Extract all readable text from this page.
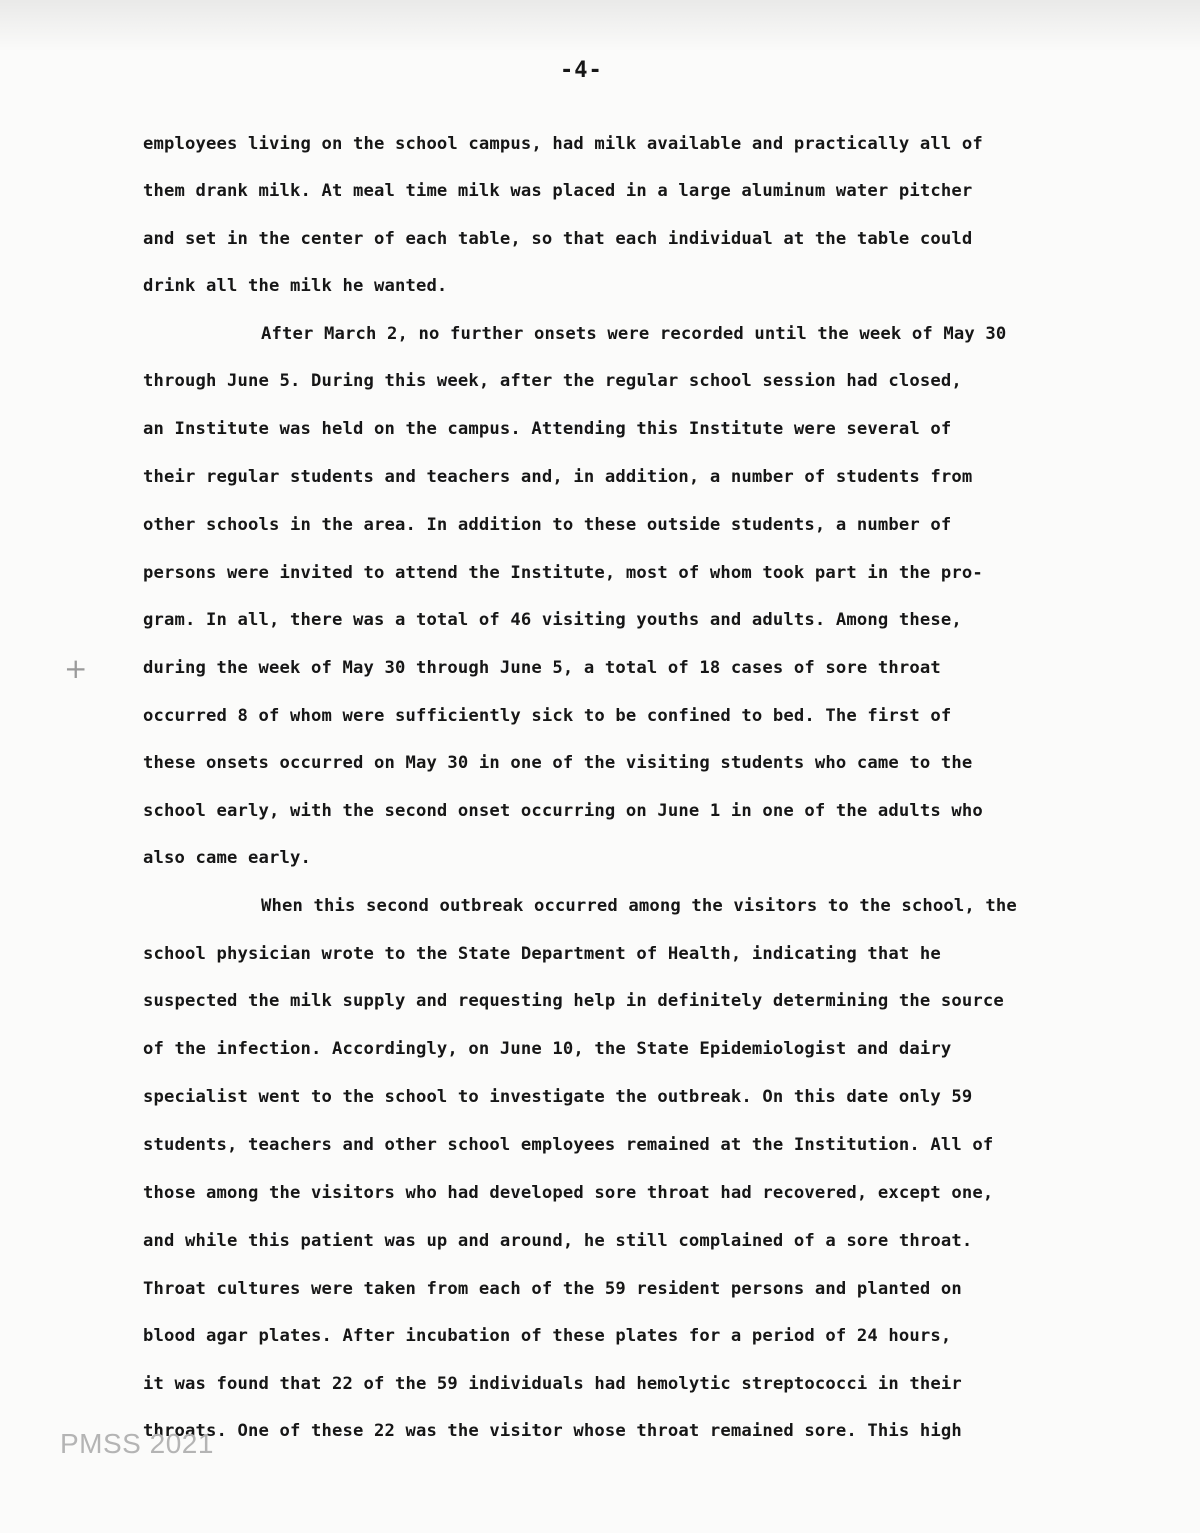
-4-
employees living on the school campus, had milk available and practically all of
them drank milk. At meal time milk was placed in a large aluminum water pitcher
and set in the center of each table, so that each individual at the table could
drink all the milk he wanted.
After March 2, no further onsets were recorded until the week of May 30
through June 5. During this week, after the regular school session had closed,
an Institute was held on the campus. Attending this Institute were several of
their regular students and teachers and, in addition, a number of students from
other schools in the area. In addition to these outside students, a number of
persons were invited to attend the Institute, most of whom took part in the pro-
gram. In all, there was a total of 46 visiting youths and adults. Among these,
during the week of May 30 through June 5, a total of 18 cases of sore throat
occurred 8 of whom were sufficiently sick to be confined to bed. The first of
these onsets occurred on May 30 in one of the visiting students who came to the
school early, with the second onset occurring on June 1 in one of the adults who
also came early.
When this second outbreak occurred among the visitors to the school, the
school physician wrote to the State Department of Health, indicating that he
suspected the milk supply and requesting help in definitely determining the source
of the infection. Accordingly, on June 10, the State Epidemiologist and dairy
specialist went to the school to investigate the outbreak. On this date only 59
students, teachers and other school employees remained at the Institution. All of
those among the visitors who had developed sore throat had recovered, except one,
and while this patient was up and around, he still complained of a sore throat.
Throat cultures were taken from each of the 59 resident persons and planted on
blood agar plates. After incubation of these plates for a period of 24 hours,
it was found that 22 of the 59 individuals had hemolytic streptococci in their
throats. One of these 22 was the visitor whose throat remained sore. This high
+
PMSS 2021
